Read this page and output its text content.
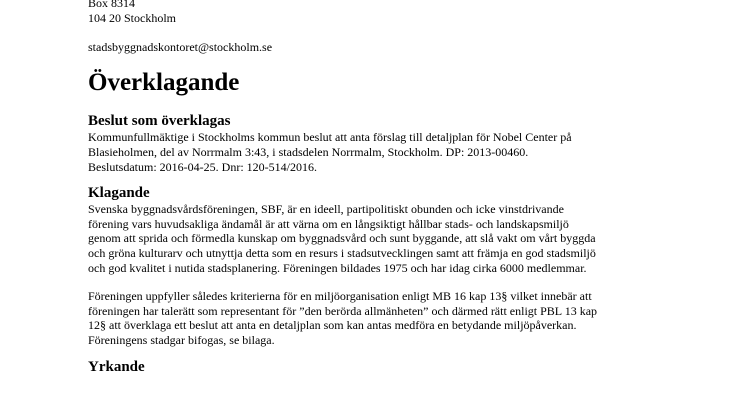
Box 8314

104 20 Stockholm

stadsbyggnadskontoret@stockholm.se

Överklagande
Beslut som överklagas

Kommunfullmäktige i Stockholms kommun beslut att anta förslag till detaljplan för Nobel Center på

Blasieholmen, del av Norrmalm 3:43, i stadsdelen Norrmalm, Stockholm. DP: 2013-00460.

Beslutsdatum: 2016-04-25. Dnr: 120-514/2016.

Klagande

Svenska byggnadsvårdsföreningen, SBF, är en ideell, partipolitiskt obunden och icke vinstdrivande

förening vars huvudsakliga ändamål är att värna om en långsiktigt hållbar stads- och landskapsmiljö

genom att sprida och förmedla kunskap om byggnadsvård och sunt byggande, att slå vakt om vårt byggda

och gröna kulturarv och utnyttja detta som en resurs i stadsutvecklingen samt att främja en god stadsmiljö

och god kvalitet i nutida stadsplanering. Föreningen bildades 1975 och har idag cirka 6000 medlemmar.

Föreningen uppfyller således kriterierna för en miljöorganisation enligt MB 16 kap 13§ vilket innebär att

föreningen har talerätt som representant för ”den berörda allmänheten” och därmed rätt enligt PBL 13 kap

12§ att överklaga ett beslut att anta en detaljplan som kan antas medföra en betydande miljöpåverkan.

Föreningens stadgar bifogas, se bilaga.

Yrkande
